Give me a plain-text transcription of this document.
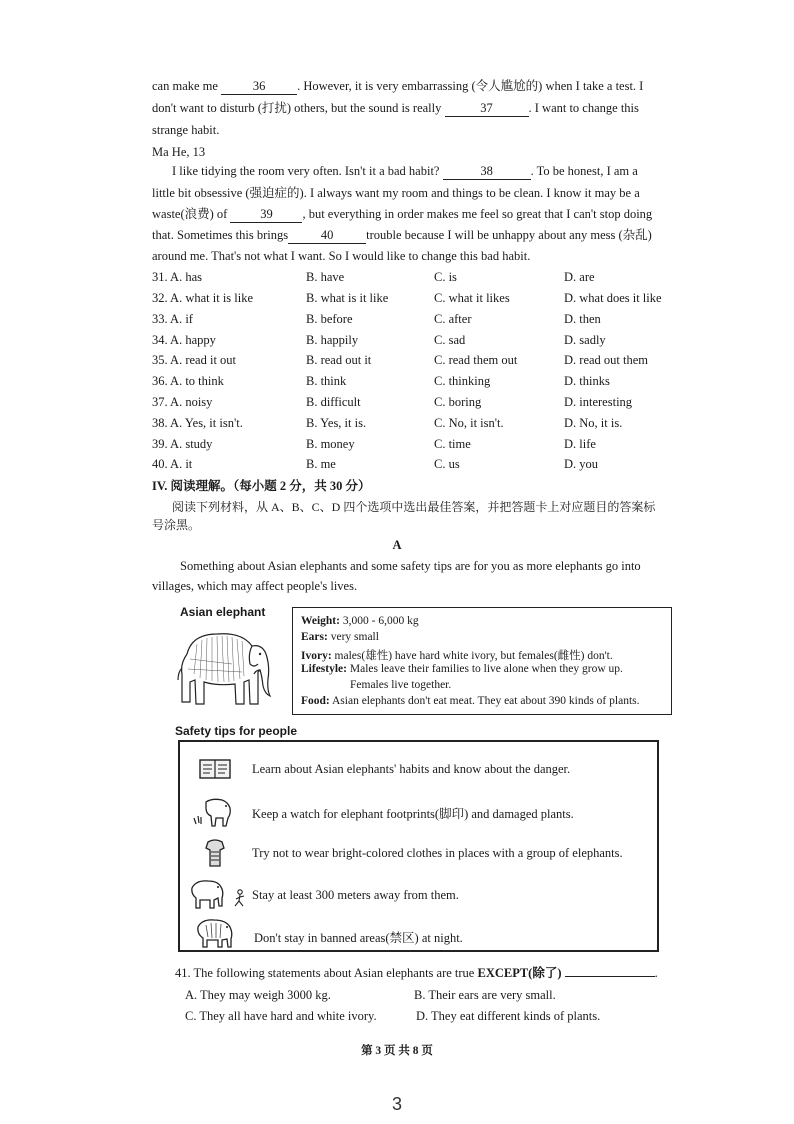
can make me	36	. However, it is very embarrassing (令人尴尬的) when I take a test. I
don't want to disturb (打扰) others, but the sound is really	37	. I want to change this
strange habit.
Ma He, 13
I like tidying the room very often. Isn't it a bad habit?	38	. To be honest, I am a
little bit obsessive (强迫症的). I always want my room and things to be clean. I know it may be a
waste(浪费) of	39 , but everything in order makes me feel so great that I can't stop doing
that. Sometimes this brings	40	trouble because I will be unhappy about any mess (杂乱)
around me. That's not what I want. So I would like to change this bad habit.
31. A. has	B. have	C. is	D. are
32. A. what it is like	B. what is it like	C. what it likes	D. what does it like
33. A. if	B. before	C. after	D. then
34. A. happy	B. happily	C. sad	D. sadly
35. A. read it out	B. read out it	C. read them out	D. read out them
36. A. to think	B. think	C. thinking	D. thinks
37. A. noisy	B. difficult	C. boring	D. interesting
38. A. Yes, it isn't.	B. Yes, it is.	C. No, it isn't.	D. No, it is.
39. A. study	B. money	C. time	D. life
40. A. it	B. me	C. us	D. you
IV. 阅读理解。（每小题 2 分，共 30 分）
阅读下列材料，从 A、B、C、D 四个选项中选出最佳答案，并把答题卡上对应题目的答案标
号涂黑。
A
Something about Asian elephants and some safety tips are for you as more elephants go into
villages, which may affect people's lives.
Asian elephant
Weight: 3,000 - 6,000 kg
Ears: very small
Ivory: males(雄性) have hard white ivory, but females(雌性) don't.
Lifestyle: Males leave their families to live alone when they grow up.
Females live together.
Food: Asian elephants don't eat meat. They eat about 390 kinds of plants.
Safety tips for people
Learn about Asian elephants' habits and know about the danger.
Keep a watch for elephant footprints(脚印) and damaged plants.
Try not to wear bright-colored clothes in places with a group of elephants.
Stay at least 300 meters away from them.
Don't stay in banned areas(禁区) at night.
41. The following statements about Asian elephants are true EXCEPT(除了)	.
A. They may weigh 3000 kg.	B. Their ears are very small.
C. They all have hard and white ivory.	D. They eat different kinds of plants.
第 3 页 共 8 页
3
